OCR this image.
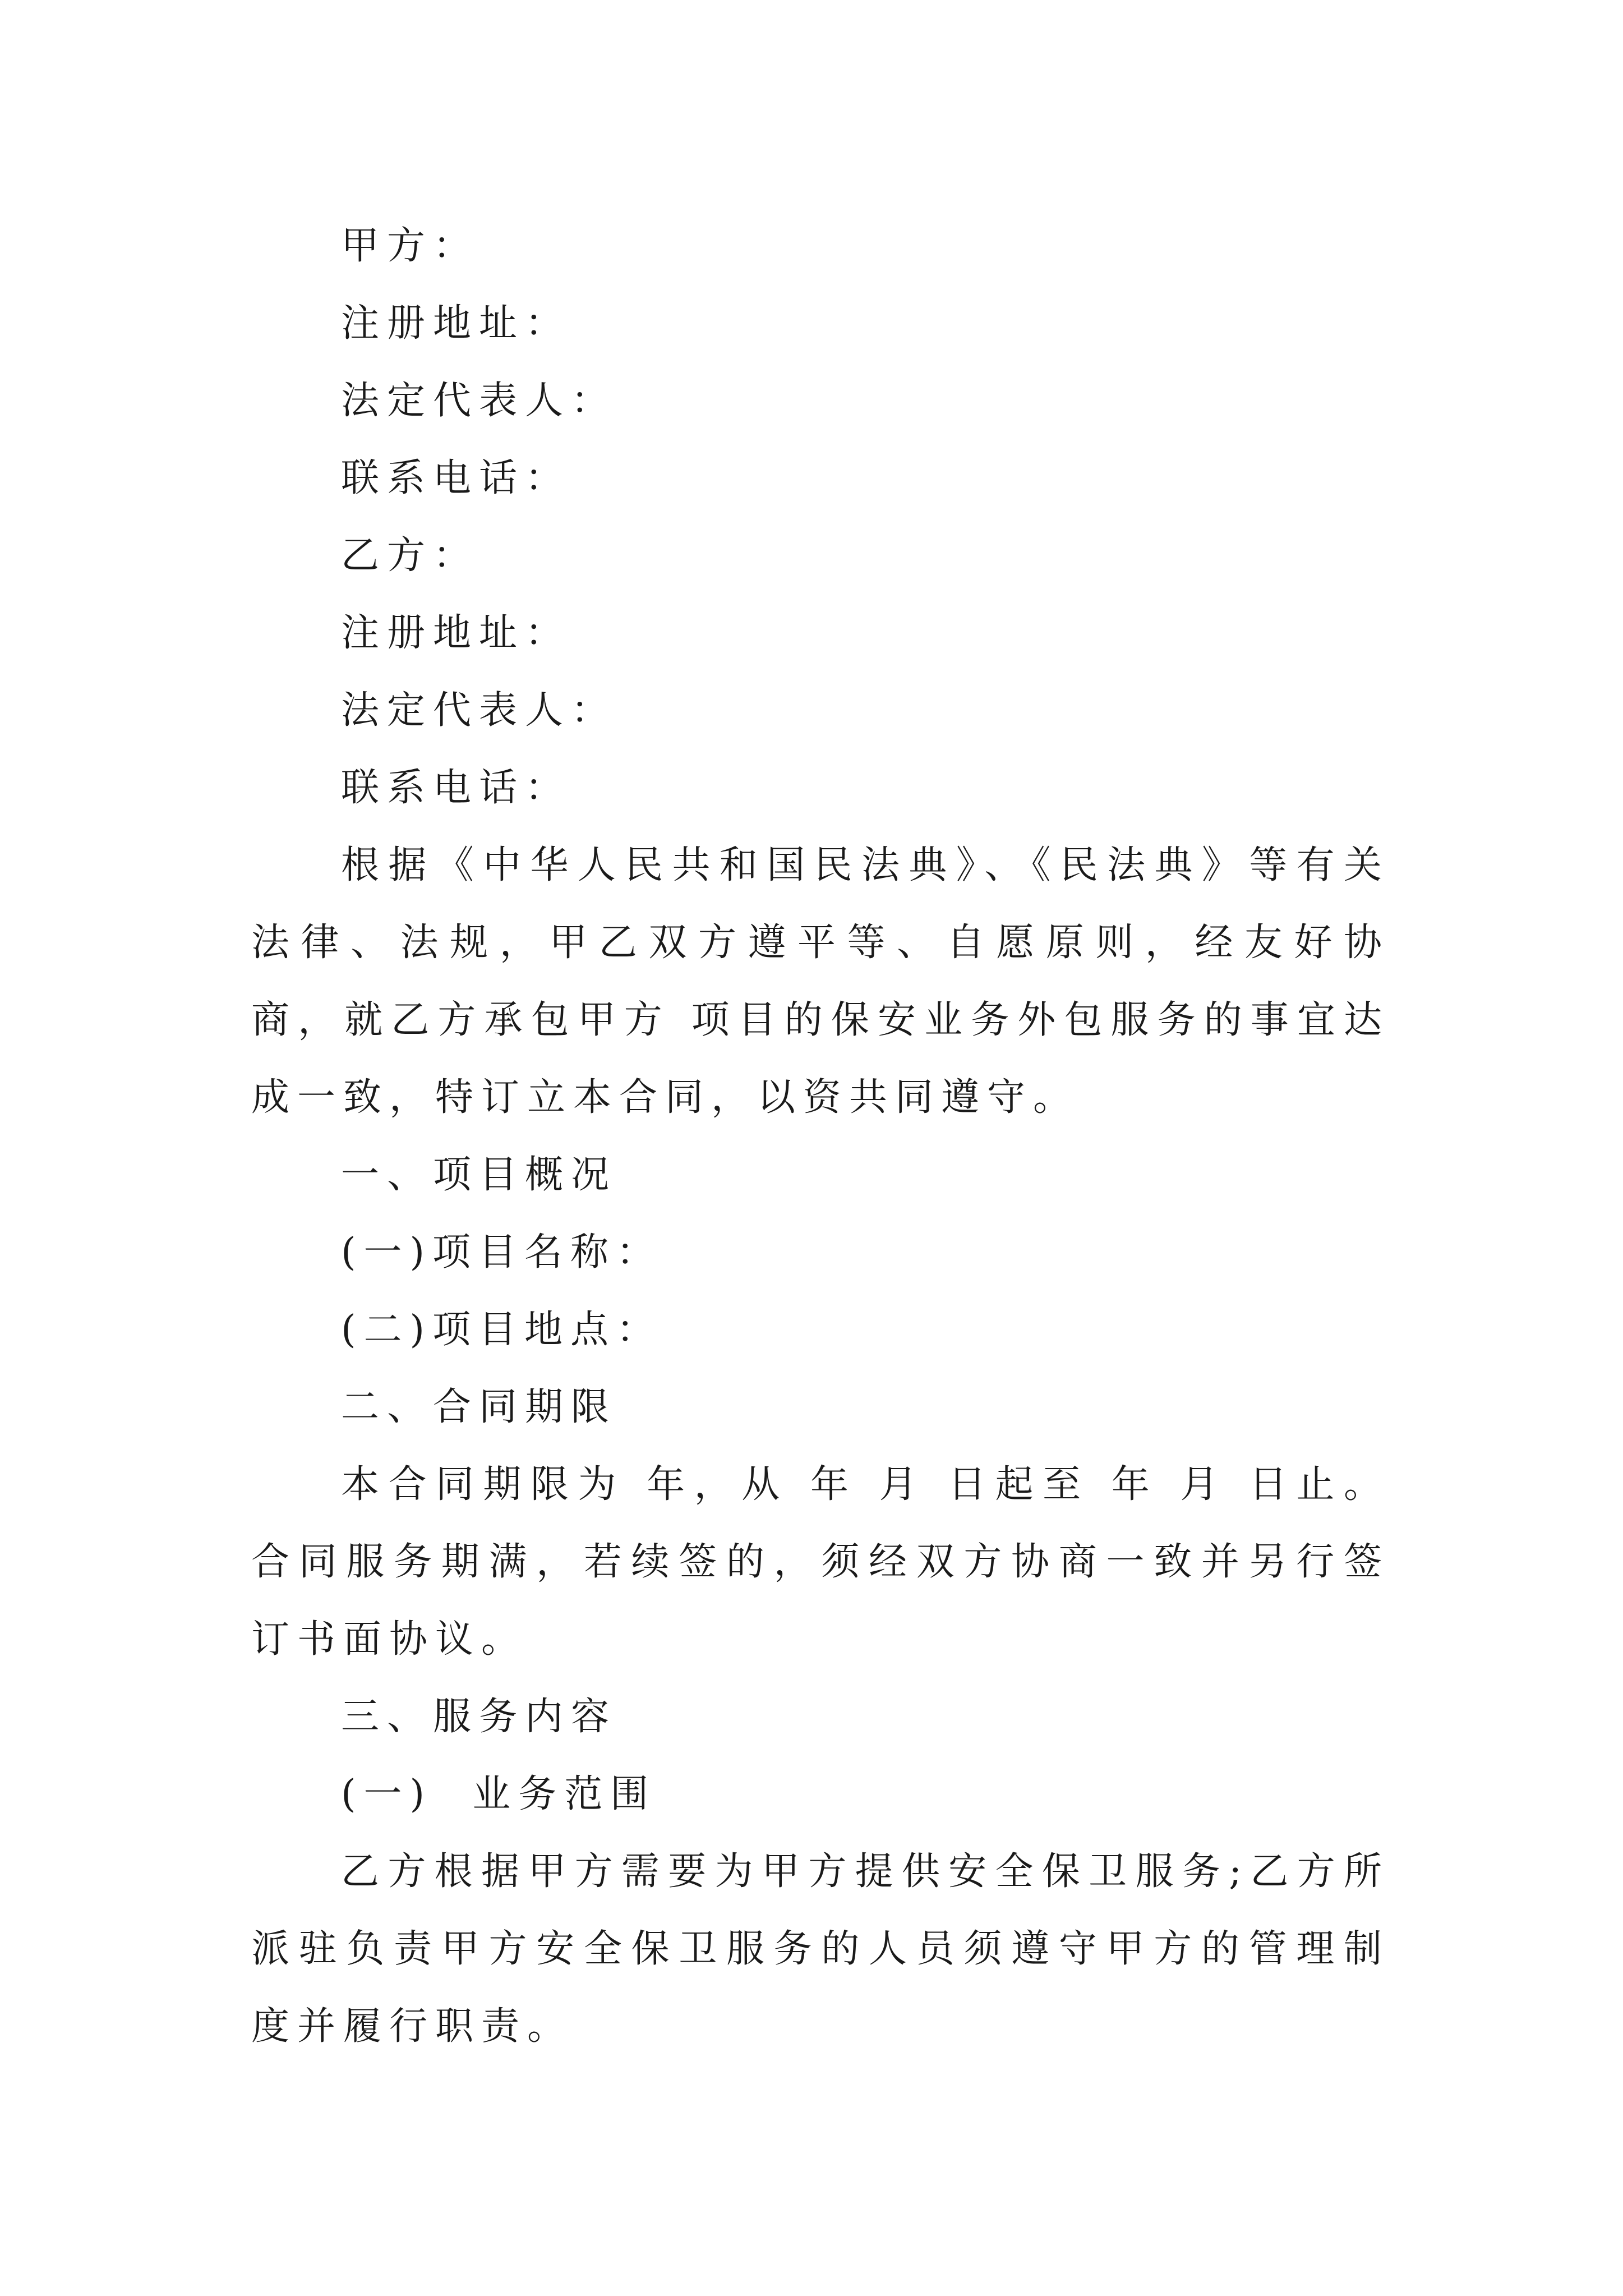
甲方：

注册地址：

法定代表人：

联系电话：

乙方：

注册地址：

法定代表人：

联系电话：

根据《中华人民共和国民法典》、《民法典》等有关法律、法规，甲乙双方遵平等、自愿原则，经友好协商，就乙方承包甲方 项目的保安业务外包服务的事宜达成一致，特订立本合同，以资共同遵守。

一、项目概况

(一)项目名称：

(二)项目地点：

二、合同期限

本合同期限为 年，从 年 月 日起至 年 月 日止。合同服务期满，若续签的，须经双方协商一致并另行签订书面协议。

三、服务内容

(一)  业务范围

乙方根据甲方需要为甲方提供安全保卫服务;乙方所派驻负责甲方安全保卫服务的人员须遵守甲方的管理制度并履行职责。
